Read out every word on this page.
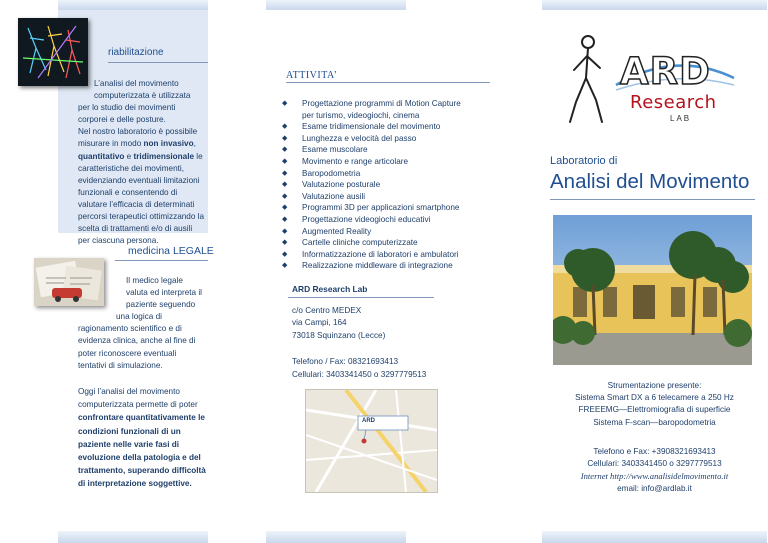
riabilitazione
L’analisi del movimento
computerizzata è utilizzata
per lo studio dei movimenti
corporei e delle posture.
Nel nostro laboratorio è possibile
misurare in modo non invasivo,
quantitativo e tridimensionale le
caratteristiche dei movimenti,
evidenziando eventuali limitazioni
funzionali e consentendo di
valutare l’efficacia di determinati
percorsi terapeutici ottimizzando la
scelta di trattamenti e/o di ausili
per ciascuna persona.
medicina LEGALE
Il medico legale
valuta ed interpreta il
paziente seguendo
una logica di
ragionamento scientifico e di
evidenza clinica, anche al fine di
poter riconoscere eventuali
tentativi di simulazione.
Oggi l’analisi del movimento
computerizzata permette di poter
confrontare quantitativamente le
condizioni funzionali di un
paziente nelle varie fasi di
evoluzione della patologia e del
trattamento, superando difficoltà
di interpretazione soggettive.
ATTIVITA’
◆ Progettazione programmi di Motion Capture
per turismo, videogiochi, cinema
◆ Esame tridimensionale del movimento
◆ Lunghezza e velocità del passo
◆ Esame muscolare
◆ Movimento e range articolare
◆ Baropodometria
◆ Valutazione posturale
◆ Valutazione ausili
◆ Programmi 3D per applicazioni smartphone
◆ Progettazione videogiochi educativi
◆ Augmented Reality
◆ Cartelle cliniche computerizzate
◆ Informatizzazione di laboratori e ambulatori
◆ Realizzazione middleware di integrazione
ARD Research Lab
c/o Centro MEDEX
via Campi, 164
73018 Squinzano (Lecce)
Telefono / Fax: 08321693413
Cellulari: 3403341450 o 3297779513
ARD
ARD
Research
LAB
Laboratorio di
Analisi del Movimento
Strumentazione presente:
Sistema Smart DX a 6 telecamere a 250 Hz
FREEEMG—Elettromiografia di superficie
Sistema F-scan—baropodometria
Telefono e Fax: +3908321693413
Cellulari: 3403341450 o 3297779513
Internet http://www.analisidelmovimento.it
email: info@ardlab.it
